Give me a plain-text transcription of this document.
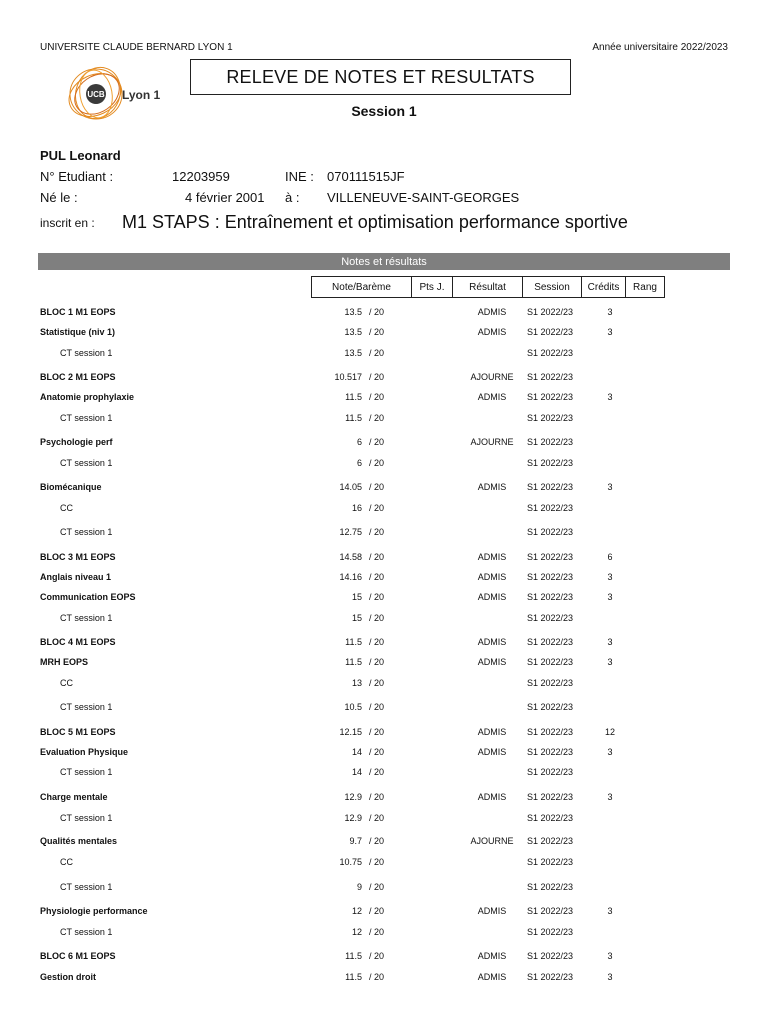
UNIVERSITE CLAUDE BERNARD LYON 1	Année universitaire 2022/2023
UCB Lyon 1
RELEVE DE NOTES ET RESULTATS
Session 1
PUL Leonard
N° Etudiant :	12203959	INE : 070111515JF
Né le :	4 février 2001 à : VILLENEUVE-SAINT-GEORGES
inscrit en : M1 STAPS : Entraînement et optimisation performance sportive
Notes et résultats
Note/Barème	Pts J.	Résultat	Session	Crédits	Rang
BLOC 1 M1 EOPS	13.5 / 20	ADMIS	S1 2022/23	3
Statistique (niv 1)	13.5 / 20	ADMIS	S1 2022/23	3
CT session 1	13.5 / 20	S1 2022/23
BLOC 2 M1 EOPS	10.517 / 20	AJOURNE	S1 2022/23
Anatomie prophylaxie	11.5 / 20	ADMIS	S1 2022/23	3
CT session 1	11.5 / 20	S1 2022/23
Psychologie perf	6 / 20	AJOURNE	S1 2022/23
CT session 1	6 / 20	S1 2022/23
Biomécanique	14.05 / 20	ADMIS	S1 2022/23	3
CC	16 / 20	S1 2022/23
CT session 1	12.75 / 20	S1 2022/23
BLOC 3 M1 EOPS	14.58 / 20	ADMIS	S1 2022/23	6
Anglais niveau 1	14.16 / 20	ADMIS	S1 2022/23	3
Communication EOPS	15 / 20	ADMIS	S1 2022/23	3
CT session 1	15 / 20	S1 2022/23
BLOC 4 M1 EOPS	11.5 / 20	ADMIS	S1 2022/23	3
MRH EOPS	11.5 / 20	ADMIS	S1 2022/23	3
CC	13 / 20	S1 2022/23
CT session 1	10.5 / 20	S1 2022/23
BLOC 5 M1 EOPS	12.15 / 20	ADMIS	S1 2022/23	12
Evaluation Physique	14 / 20	ADMIS	S1 2022/23	3
CT session 1	14 / 20	S1 2022/23
Charge mentale	12.9 / 20	ADMIS	S1 2022/23	3
CT session 1	12.9 / 20	S1 2022/23
Qualités mentales	9.7 / 20	AJOURNE	S1 2022/23
CC	10.75 / 20	S1 2022/23
CT session 1	9 / 20	S1 2022/23
Physiologie performance	12 / 20	ADMIS	S1 2022/23	3
CT session 1	12 / 20	S1 2022/23
BLOC 6 M1 EOPS	11.5 / 20	ADMIS	S1 2022/23	3
Gestion droit	11.5 / 20	ADMIS	S1 2022/23	3
